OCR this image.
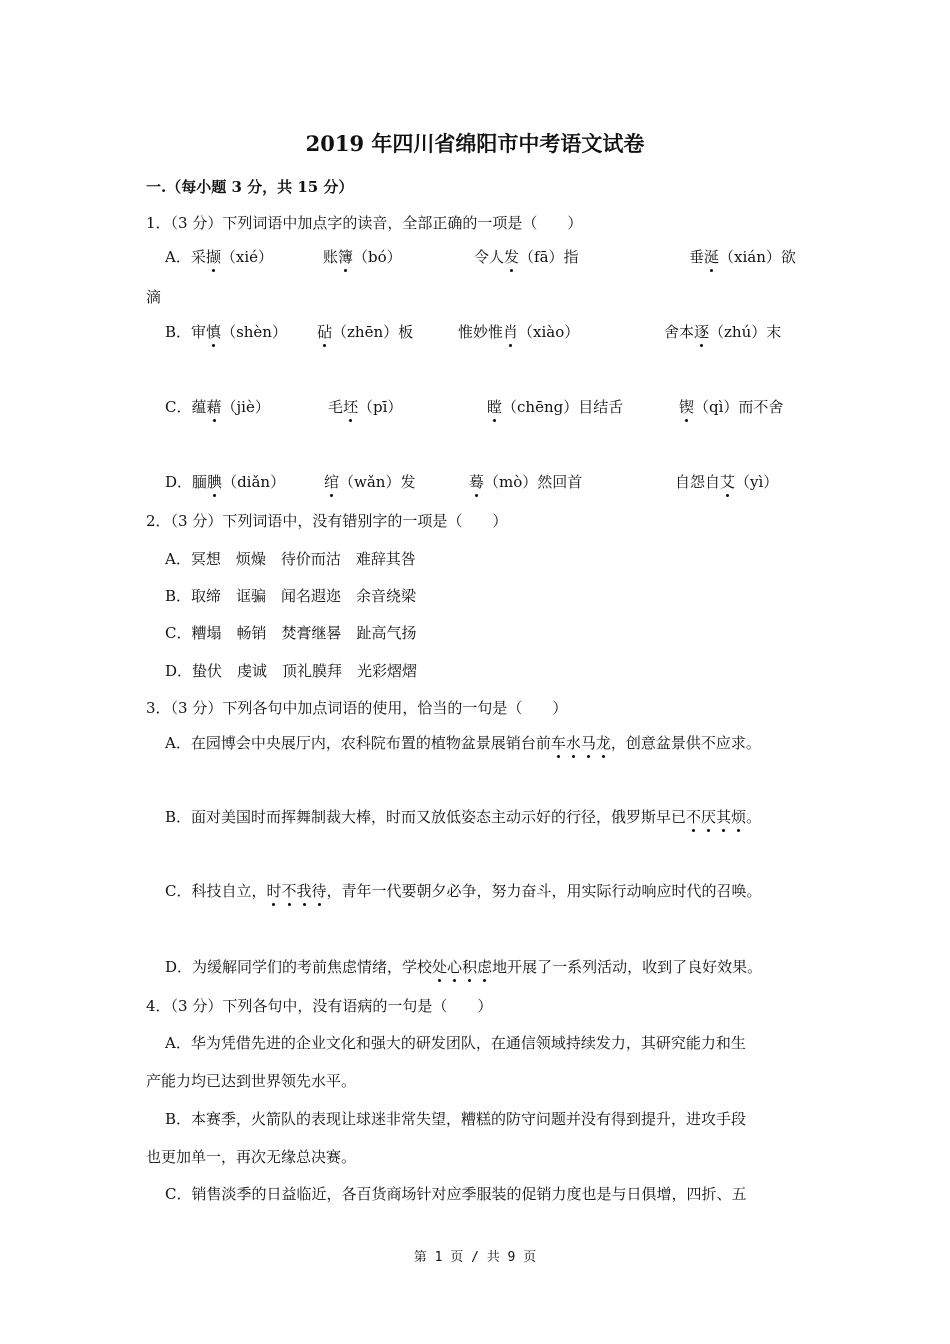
2019 年四川省绵阳市中考语文试卷
一.（每小题 3 分，共 15 分）
1．（3 分）下列词语中加点字的读音，全部正确的一项是（　　）
A．采撷（xié）	账簿（bó）	令人发（fā）指	垂涎（xián）欲
滴
B．审慎（shèn） 砧（zhēn）板	惟妙惟肖（xiào）	舍本逐（zhú）末
C．蕴藉（jiè）	毛坯（pī）	瞠（chēng）目结舌	锲（qì）而不舍
D．腼腆（diǎn）	绾（wǎn）发	蓦（mò）然回首	自怨自艾（yì）
2．（3 分）下列词语中，没有错别字的一项是（　　）
A．冥想　烦燥　待价而沽　难辞其咎
B．取缔　诓骗　闻名遐迩　余音绕梁
C．糟塌　畅销　焚膏继晷　趾高气扬
D．蛰伏　虔诚　顶礼膜拜　光彩熠熠
3．（3 分）下列各句中加点词语的使用，恰当的一句是（　　）
A．在园博会中央展厅内，农科院布置的植物盆景展销台前车水马龙，创意盆景供不应求。
B．面对美国时而挥舞制裁大棒，时而又放低姿态主动示好的行径，俄罗斯早已不厌其烦。
C．科技自立，时不我待，青年一代要朝夕必争，努力奋斗，用实际行动响应时代的召唤。
D．为缓解同学们的考前焦虑情绪，学校处心积虑地开展了一系列活动，收到了良好效果。
4．（3 分）下列各句中，没有语病的一句是（　　）
A．华为凭借先进的企业文化和强大的研发团队，在通信领域持续发力，其研究能力和生
产能力均已达到世界领先水平。
B．本赛季，火箭队的表现让球迷非常失望，糟糕的防守问题并没有得到提升，进攻手段
也更加单一，再次无缘总决赛。
C．销售淡季的日益临近，各百货商场针对应季服装的促销力度也是与日俱增，四折、五
第 1 页 / 共 9 页
